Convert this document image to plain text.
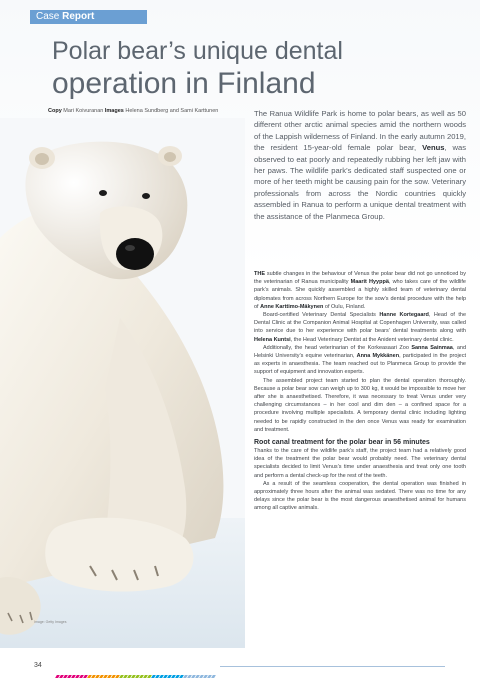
Case Report
Polar bear’s unique dental
operation in Finland
Copy Mari Koivuranan Images Helena Sundberg and Sami Karttunen
Image: Getty Images
The Ranua Wildlife Park is home to polar bears, as well as 50 different other arctic animal species amid the northern woods of the Lappish wilderness of Finland. In the early autumn 2019, the resident 15-year-old female polar bear, Venus, was observed to eat poorly and repeatedly rubbing her left jaw with her paws. The wildlife park’s dedicated staff suspected one or more of her teeth might be causing pain for the sow. Veterinary professionals from across the Nordic countries quickly assembled in Ranua to perform a unique dental treatment with the assistance of the Planmeca Group.

THE subtle changes in the behaviour of Venus the polar bear did not go unnoticed by the veterinarian of Ranua municipality Maarit Hyyppä, who takes care of the wildlife park’s animals. She quickly assembled a highly skilled team of veterinary dental diplomates from across Northern Europe for the sow’s dental procedure with the help of Anne Karttimo-Mäkynen of Oulu, Finland.

Board-certified Veterinary Dental Specialists Hanne Kortegaard, Head of the Dental Clinic at the Companion Animal Hospital at Copenhagen University, was called into service due to her experience with polar bears’ dental treatments along with Helena Kuntsi, the Head Veterinary Dentist at the Anident veterinary dental clinic.

Additionally, the head veterinarian of the Korkeasaari Zoo Sanna Sainmaa, and Helsinki University’s equine veterinarian, Anna Mykkänen, participated in the project as experts in anaesthesia. The team reached out to Planmeca Group to provide the support of equipment and innovation experts.

The assembled project team started to plan the dental operation thoroughly. Because a polar bear sow can weigh up to 300 kg, it would be impossible to move her after she is anaesthetised. Therefore, it was necessary to treat Venus under very challenging circumstances – in her cool and dim den – a confined space for a procedure involving multiple specialists. A temporary dental clinic including lighting needed to be rapidly constructed in the den once Venus was ready for examination and treatment.

Root canal treatment for the polar bear in 56 minutes

Thanks to the care of the wildlife park’s staff, the project team had a relatively good idea of the treatment the polar bear would probably need. The veterinary dental specialists decided to limit Venus’s time under anaesthesia and treat only one tooth and perform a dental check-up for the rest of the teeth.

As a result of the seamless cooperation, the dental operation was finished in approximately three hours after the animal was sedated. There was no time for any delays since the polar bear is the most dangerous anaesthetised animal for humans among all captive animals.

34
